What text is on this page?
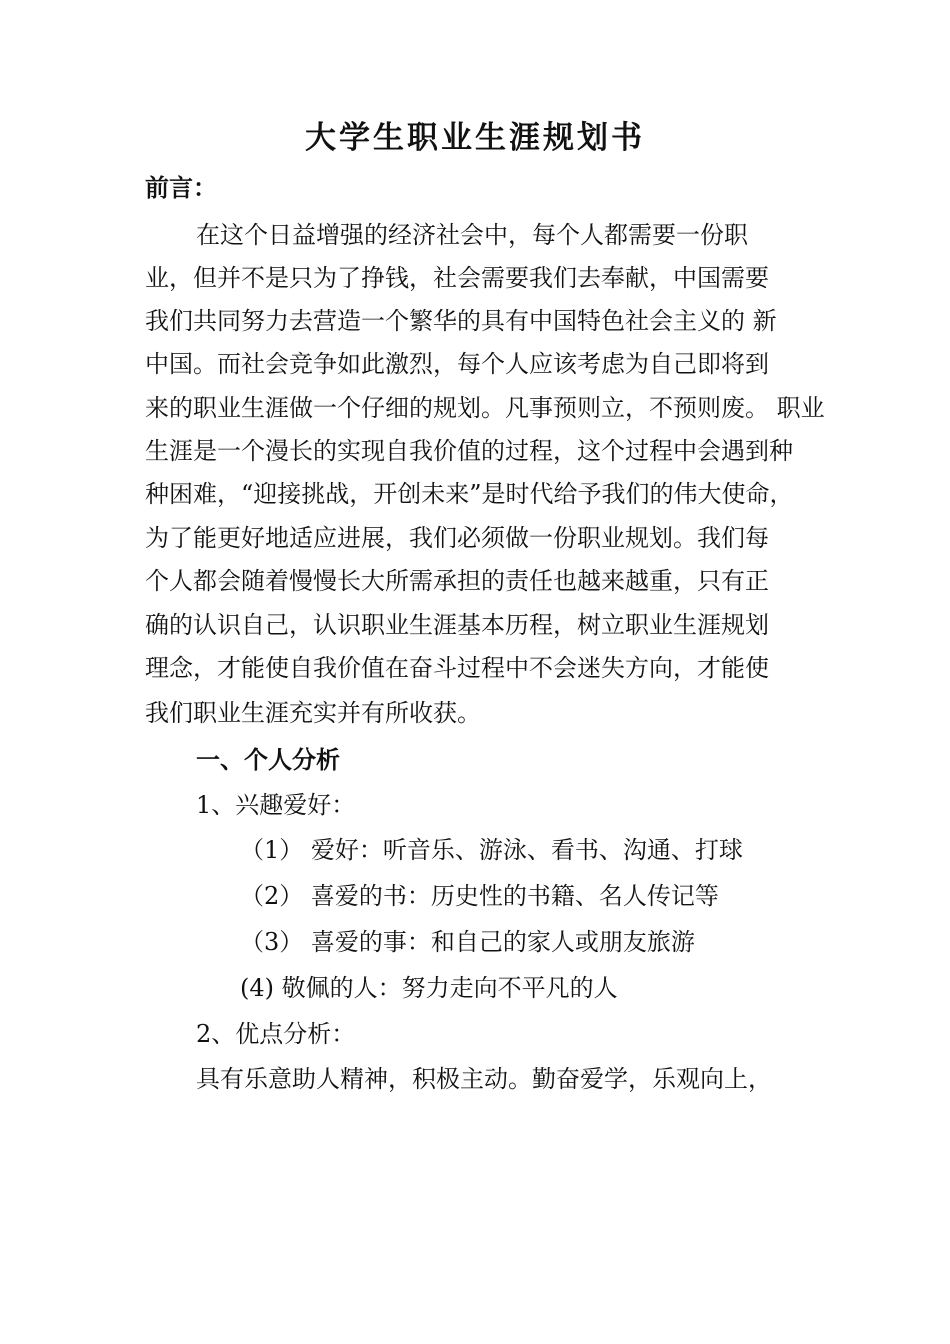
大学生职业生涯规划书
前言：
在这个日益增强的经济社会中，每个人都需要一份职
业，但并不是只为了挣钱，社会需要我们去奉献，中国需要
我们共同努力去营造一个繁华的具有中国特色社会主义的 新
中国。而社会竞争如此激烈，每个人应该考虑为自己即将到
来的职业生涯做一个仔细的规划。凡事预则立，不预则废。 职业
生涯是一个漫长的实现自我价值的过程，这个过程中会遇到种
种困难，“迎接挑战，开创未来”是时代给予我们的伟大使命，
为了能更好地适应进展，我们必须做一份职业规划。我们每
个人都会随着慢慢长大所需承担的责任也越来越重，只有正
确的认识自己，认识职业生涯基本历程，树立职业生涯规划
理念，才能使自我价值在奋斗过程中不会迷失方向，才能使
我们职业生涯充实并有所收获。
一、个人分析
1、兴趣爱好：
（1） 爱好：听音乐、游泳、看书、沟通、打球
（2） 喜爱的书：历史性的书籍、名人传记等
（3） 喜爱的事：和自己的家人或朋友旅游
(4) 敬佩的人：努力走向不平凡的人
2、优点分析：
具有乐意助人精神，积极主动。勤奋爱学，乐观向上，
